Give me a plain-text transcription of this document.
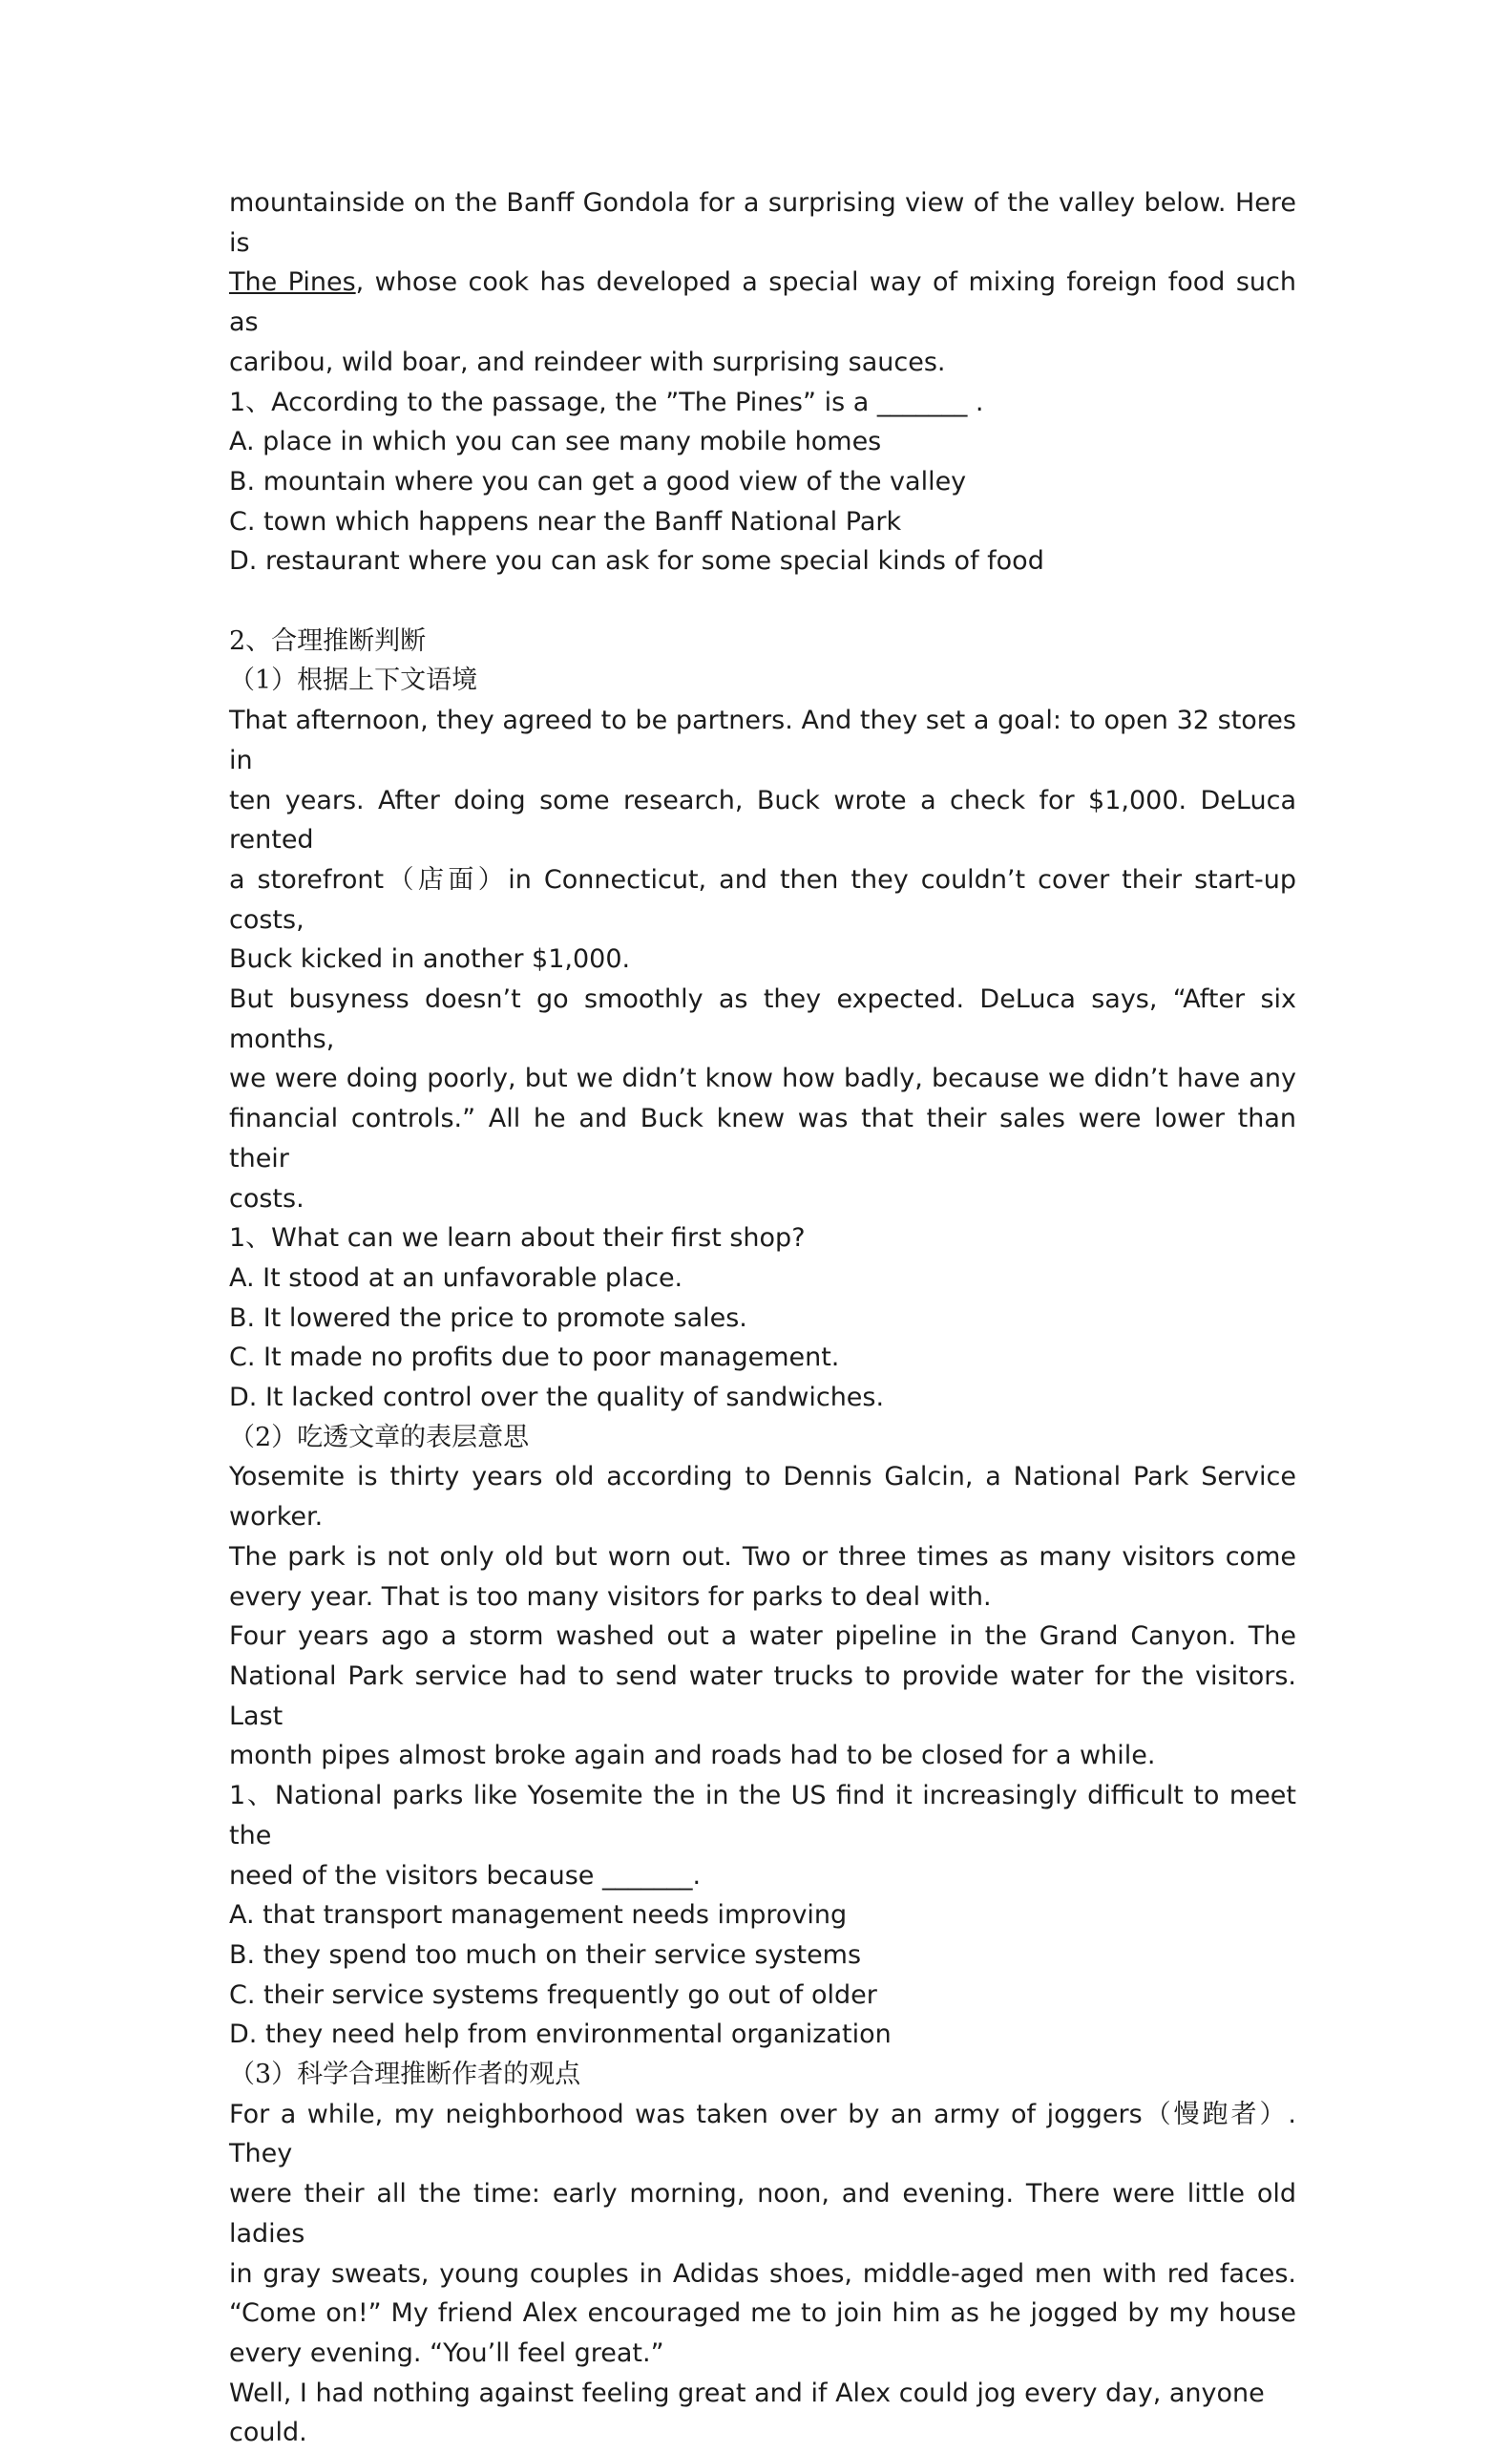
mountainside on the Banff Gondola for a surprising view of the valley below. Here is

The Pines, whose cook has developed a special way of mixing foreign food such as

caribou, wild boar, and reindeer with surprising sauces.

1、According to the passage, the ”The Pines” is a _______ .

A. place in which you can see many mobile homes

B. mountain where you can get a good view of the valley

C. town which happens near the Banff National Park

D. restaurant where you can ask for some special kinds of food

2、合理推断判断

（1）根据上下文语境

That afternoon, they agreed to be partners. And they set a goal: to open 32 stores in

ten years. After doing some research, Buck wrote a check for $1,000. DeLuca rented

a storefront（店面）in Connecticut, and then they couldn’t cover their start-up costs,

Buck kicked in another $1,000.

But busyness doesn’t go smoothly as they expected. DeLuca says, “After six months,

we were doing poorly, but we didn’t know how badly, because we didn’t have any

financial controls.” All he and Buck knew was that their sales were lower than their

costs.

1、What can we learn about their first shop?

A. It stood at an unfavorable place.

B. It lowered the price to promote sales.

C. It made no profits due to poor management.

D. It lacked control over the quality of sandwiches.

（2）吃透文章的表层意思

Yosemite is thirty years old according to Dennis Galcin, a National Park Service worker.

The park is not only old but worn out. Two or three times as many visitors come

every year. That is too many visitors for parks to deal with.

Four years ago a storm washed out a water pipeline in the Grand Canyon. The

National Park service had to send water trucks to provide water for the visitors. Last

month pipes almost broke again and roads had to be closed for a while.

1、National parks like Yosemite the in the US find it increasingly difficult to meet the

need of the visitors because _______.

A. that transport management needs improving

B. they spend too much on their service systems

C. their service systems frequently go out of older

D. they need help from environmental organization

（3）科学合理推断作者的观点

For a while, my neighborhood was taken over by an army of joggers（慢跑者）. They

were their all the time: early morning, noon, and evening. There were little old ladies

in gray sweats, young couples in Adidas shoes, middle-aged men with red faces.

“Come on!” My friend Alex encouraged me to join him as he jogged by my house

every evening. “You’ll feel great.”

Well, I had nothing against feeling great and if Alex could jog every day, anyone could.
